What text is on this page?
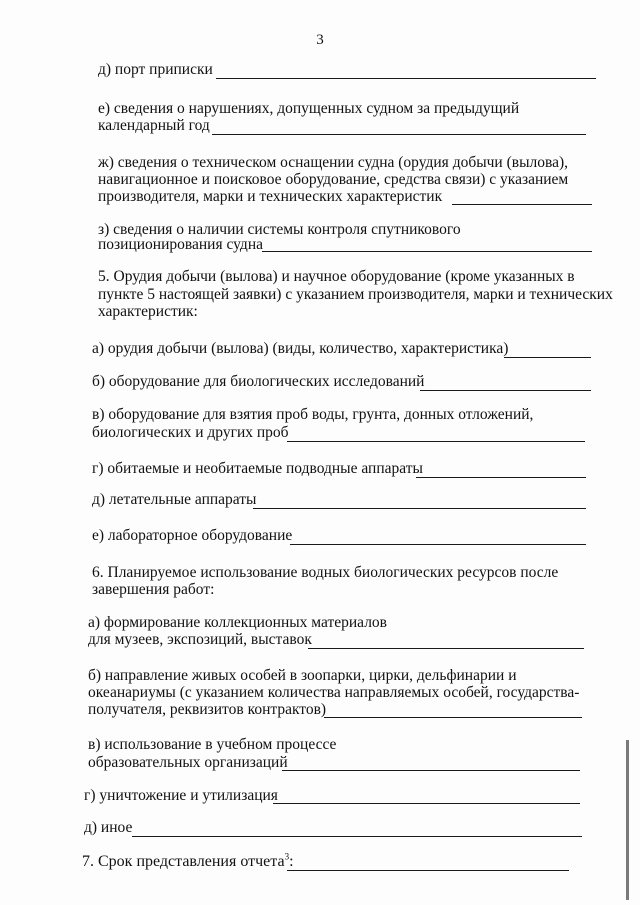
3
д) порт приписки
е) сведения о нарушениях, допущенных судном за предыдущий
календарный год
ж) сведения о техническом оснащении судна (орудия добычи (вылова),
навигационное и поисковое оборудование, средства связи) с указанием
производителя, марки и технических характеристик
з) сведения о наличии системы контроля спутникового
позиционирования судна
5. Орудия добычи (вылова) и научное оборудование (кроме указанных в
пункте 5 настоящей заявки) с указанием производителя, марки и технических
характеристик:
а) орудия добычи (вылова) (виды, количество, характеристика)
б) оборудование для биологических исследований
в) оборудование для взятия проб воды, грунта, донных отложений,
биологических и других проб
г) обитаемые и необитаемые подводные аппараты
д) летательные аппараты
е) лабораторное оборудование
6. Планируемое использование водных биологических ресурсов после
завершения работ:
а) формирование коллекционных материалов
для музеев, экспозиций, выставок
б) направление живых особей в зоопарки, цирки, дельфинарии и
океанариумы (с указанием количества направляемых особей, государства-
получателя, реквизитов контрактов)
в) использование в учебном процессе
образовательных организаций
г) уничтожение и утилизация
д) иное
7. Срок представления отчета$^3$:
